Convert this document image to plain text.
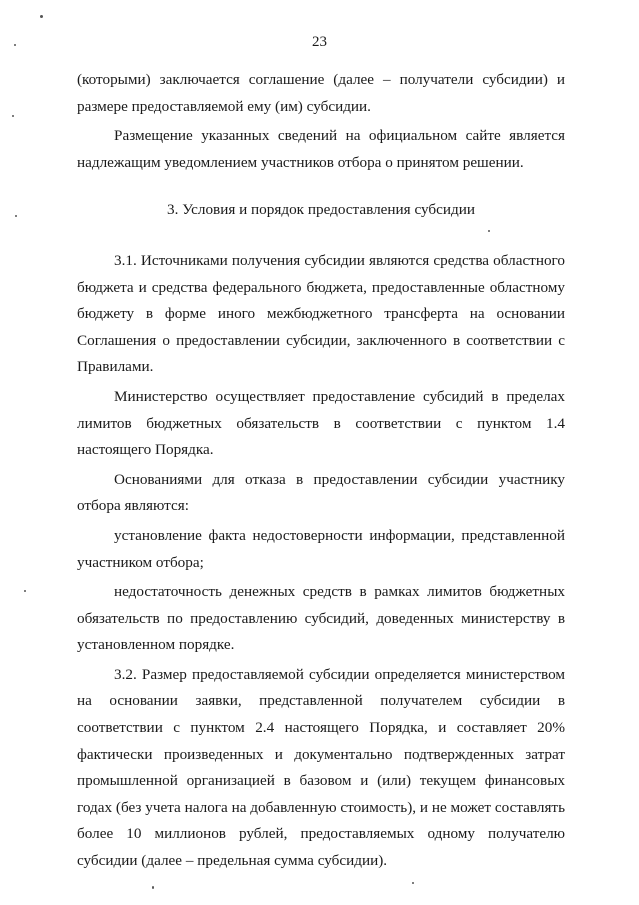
23

(которыми) заключается соглашение (далее – получатели субсидии) и размере предоставляемой ему (им) субсидии.

Размещение указанных сведений на официальном сайте является надлежащим уведомлением участников отбора о принятом решении.

3. Условия и порядок предоставления субсидии

3.1. Источниками получения субсидии являются средства областного бюджета и средства федерального бюджета, предоставленные областному бюджету в форме иного межбюджетного трансферта на основании Соглашения о предоставлении субсидии, заключенного в соответствии с Правилами.

Министерство осуществляет предоставление субсидий в пределах лимитов бюджетных обязательств в соответствии с пунктом 1.4 настоящего Порядка.

Основаниями для отказа в предоставлении субсидии участнику отбора являются:

установление факта недостоверности информации, представленной участником отбора;

недостаточность денежных средств в рамках лимитов бюджетных обязательств по предоставлению субсидий, доведенных министерству в установленном порядке.

3.2. Размер предоставляемой субсидии определяется министерством на основании заявки, представленной получателем субсидии в соответствии с пунктом 2.4 настоящего Порядка, и составляет 20% фактически произведенных и документально подтвержденных затрат промышленной организацией в базовом и (или) текущем финансовых годах (без учета налога на добавленную стоимость), и не может составлять более 10 миллионов рублей, предоставляемых одному получателю субсидии (далее – предельная сумма субсидии).
